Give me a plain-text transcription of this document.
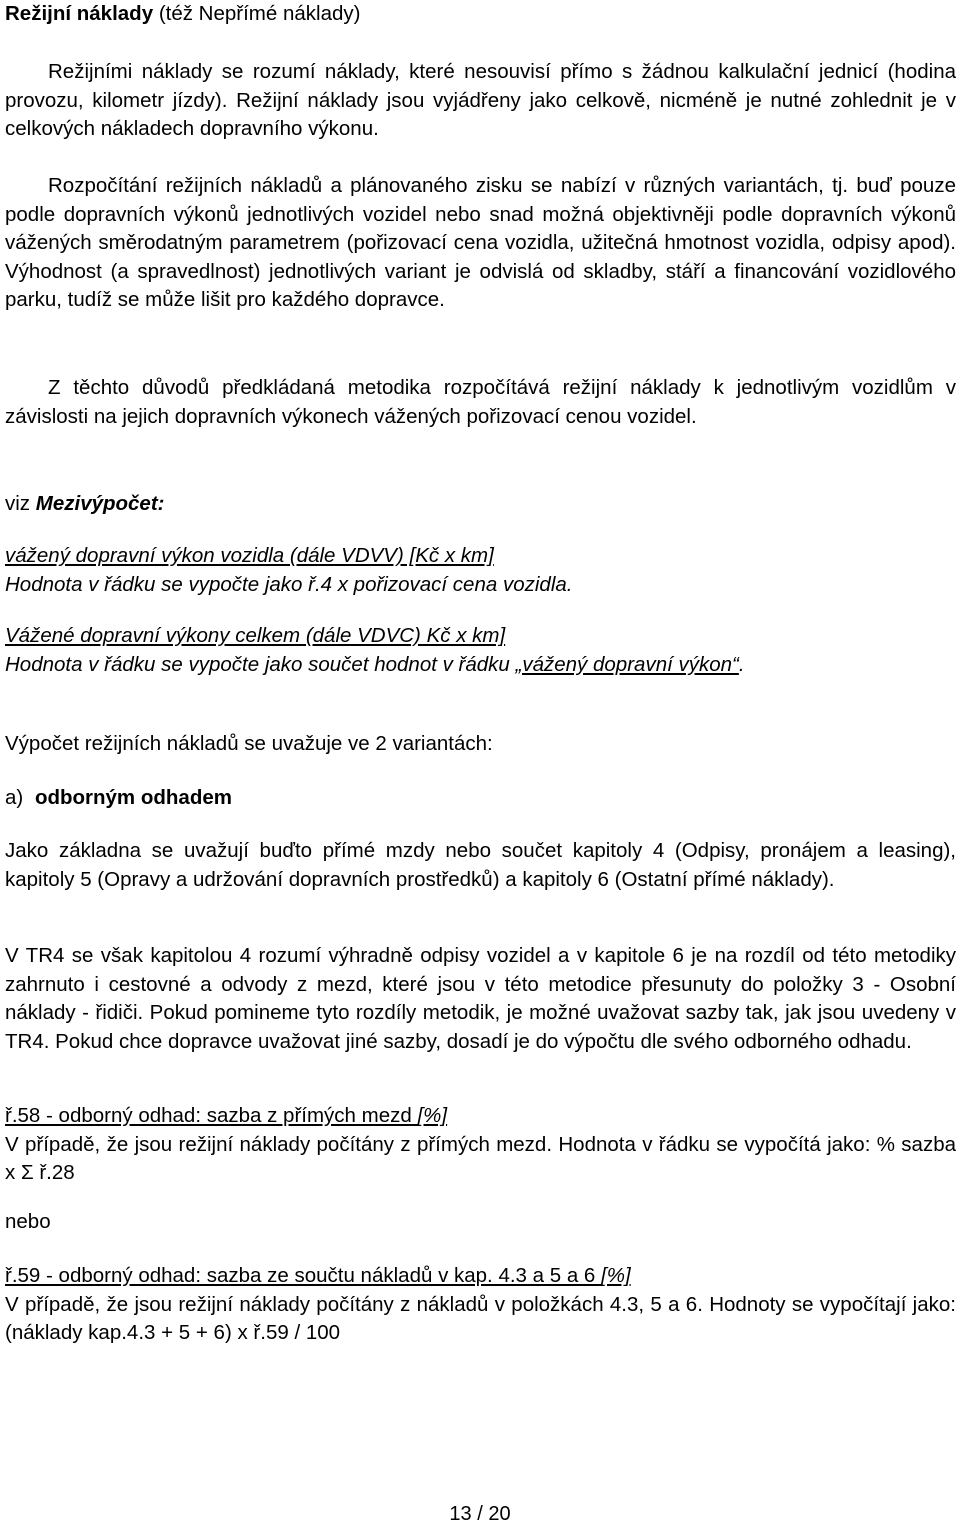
Režijní náklady (též Nepřímé náklady)

Režijními náklady se rozumí náklady, které nesouvisí přímo s žádnou kalkulační jednicí (hodina provozu, kilometr jízdy). Režijní náklady jsou vyjádřeny jako celkově, nicméně je nutné zohlednit je v celkových nákladech dopravního výkonu.

Rozpočítání režijních nákladů a plánovaného zisku se nabízí v různých variantách, tj. buď pouze podle dopravních výkonů jednotlivých vozidel nebo snad možná objektivněji podle dopravních výkonů vážených směrodatným parametrem (pořizovací cena vozidla, užitečná hmotnost vozidla, odpisy apod). Výhodnost (a spravedlnost) jednotlivých variant je odvislá od skladby, stáří a financování vozidlového parku, tudíž se může lišit pro každého dopravce.

Z těchto důvodů předkládaná metodika rozpočítává režijní náklady k jednotlivým vozidlům v závislosti na jejich dopravních výkonech vážených pořizovací cenou vozidel.

viz Mezivýpočet:
vážený dopravní výkon vozidla (dále VDVV) [Kč x km]
Hodnota v řádku se vypočte jako ř.4 x pořizovací cena vozidla.
Vážené dopravní výkony celkem (dále VDVC) Kč x km]
Hodnota v řádku se vypočte jako součet hodnot v řádku „vážený dopravní výkon“.

Výpočet režijních nákladů se uvažuje ve 2 variantách:

a) odborným odhadem

Jako základna se uvažují buďto přímé mzdy nebo součet kapitoly 4 (Odpisy, pronájem a leasing), kapitoly 5 (Opravy a udržování dopravních prostředků) a kapitoly 6 (Ostatní přímé náklady).

V TR4 se však kapitolou 4 rozumí výhradně odpisy vozidel a v kapitole 6 je na rozdíl od této metodiky zahrnuto i cestovné a odvody z mezd, které jsou v této metodice přesunuty do položky 3 - Osobní náklady - řidiči. Pokud pomineme tyto rozdíly metodik, je možné uvažovat sazby tak, jak jsou uvedeny v TR4. Pokud chce dopravce uvažovat jiné sazby, dosadí je do výpočtu dle svého odborného odhadu.

ř.58 - odborný odhad: sazba z přímých mezd [%]
V případě, že jsou režijní náklady počítány z přímých mezd. Hodnota v řádku se vypočítá jako: % sazba x Σ ř.28

nebo

ř.59 - odborný odhad: sazba ze součtu nákladů v kap. 4.3 a 5 a 6 [%]
V případě, že jsou režijní náklady počítány z nákladů v položkách 4.3, 5 a 6. Hodnoty se vypočítají jako: (náklady kap.4.3 + 5 + 6) x ř.59 / 100
13 / 20
